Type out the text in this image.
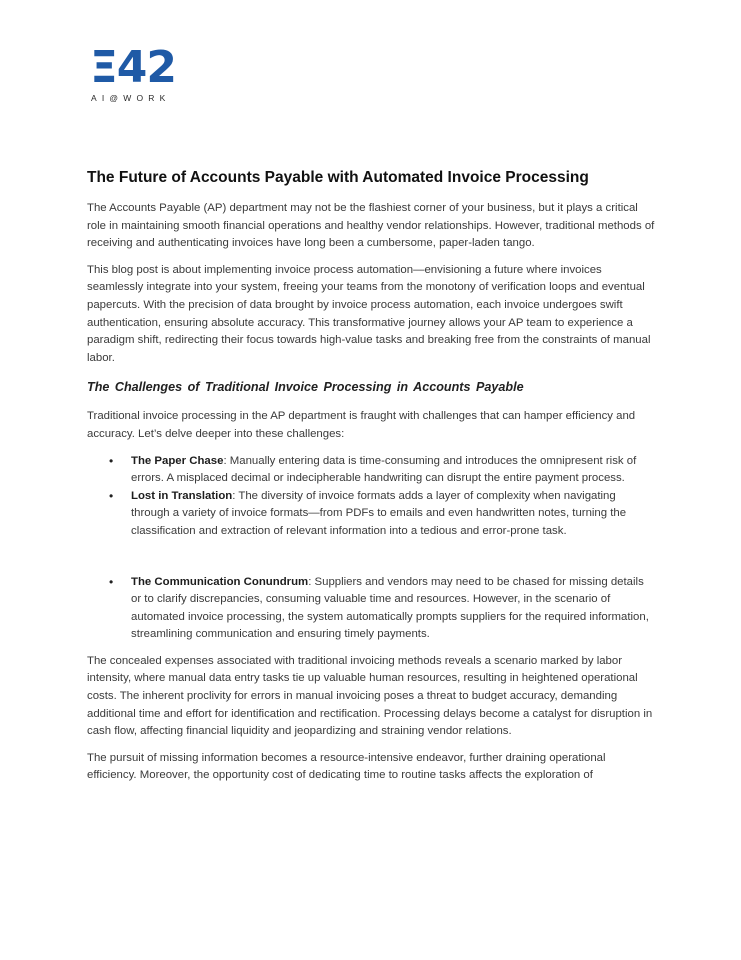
Ξ42
AI@WORK
The Future of Accounts Payable with Automated Invoice Processing

The Accounts Payable (AP) department may not be the flashiest corner of your business, but it plays a critical role in maintaining smooth financial operations and healthy vendor relationships. However, traditional methods of receiving and authenticating invoices have long been a cumbersome, paper-laden tango.

This blog post is about implementing invoice process automation—envisioning a future where invoices seamlessly integrate into your system, freeing your teams from the monotony of verification loops and eventual papercuts. With the precision of data brought by invoice process automation, each invoice undergoes swift authentication, ensuring absolute accuracy. This transformative journey allows your AP team to experience a paradigm shift, redirecting their focus towards high-value tasks and breaking free from the constraints of manual labor.

The Challenges of Traditional Invoice Processing in Accounts Payable

Traditional invoice processing in the AP department is fraught with challenges that can hamper efficiency and accuracy. Let’s delve deeper into these challenges:

• The Paper Chase: Manually entering data is time-consuming and introduces the omnipresent risk of errors. A misplaced decimal or indecipherable handwriting can disrupt the entire payment process.
• Lost in Translation: The diversity of invoice formats adds a layer of complexity when navigating through a variety of invoice formats—from PDFs to emails and even handwritten notes, turning the classification and extraction of relevant information into a tedious and error-prone task.
• The Communication Conundrum: Suppliers and vendors may need to be chased for missing details or to clarify discrepancies, consuming valuable time and resources. However, in the scenario of automated invoice processing, the system automatically prompts suppliers for the required information, streamlining communication and ensuring timely payments.

The concealed expenses associated with traditional invoicing methods reveals a scenario marked by labor intensity, where manual data entry tasks tie up valuable human resources, resulting in heightened operational costs. The inherent proclivity for errors in manual invoicing poses a threat to budget accuracy, demanding additional time and effort for identification and rectification. Processing delays become a catalyst for disruption in cash flow, affecting financial liquidity and jeopardizing and straining vendor relations.

The pursuit of missing information becomes a resource-intensive endeavor, further draining operational efficiency. Moreover, the opportunity cost of dedicating time to routine tasks affects the exploration of
